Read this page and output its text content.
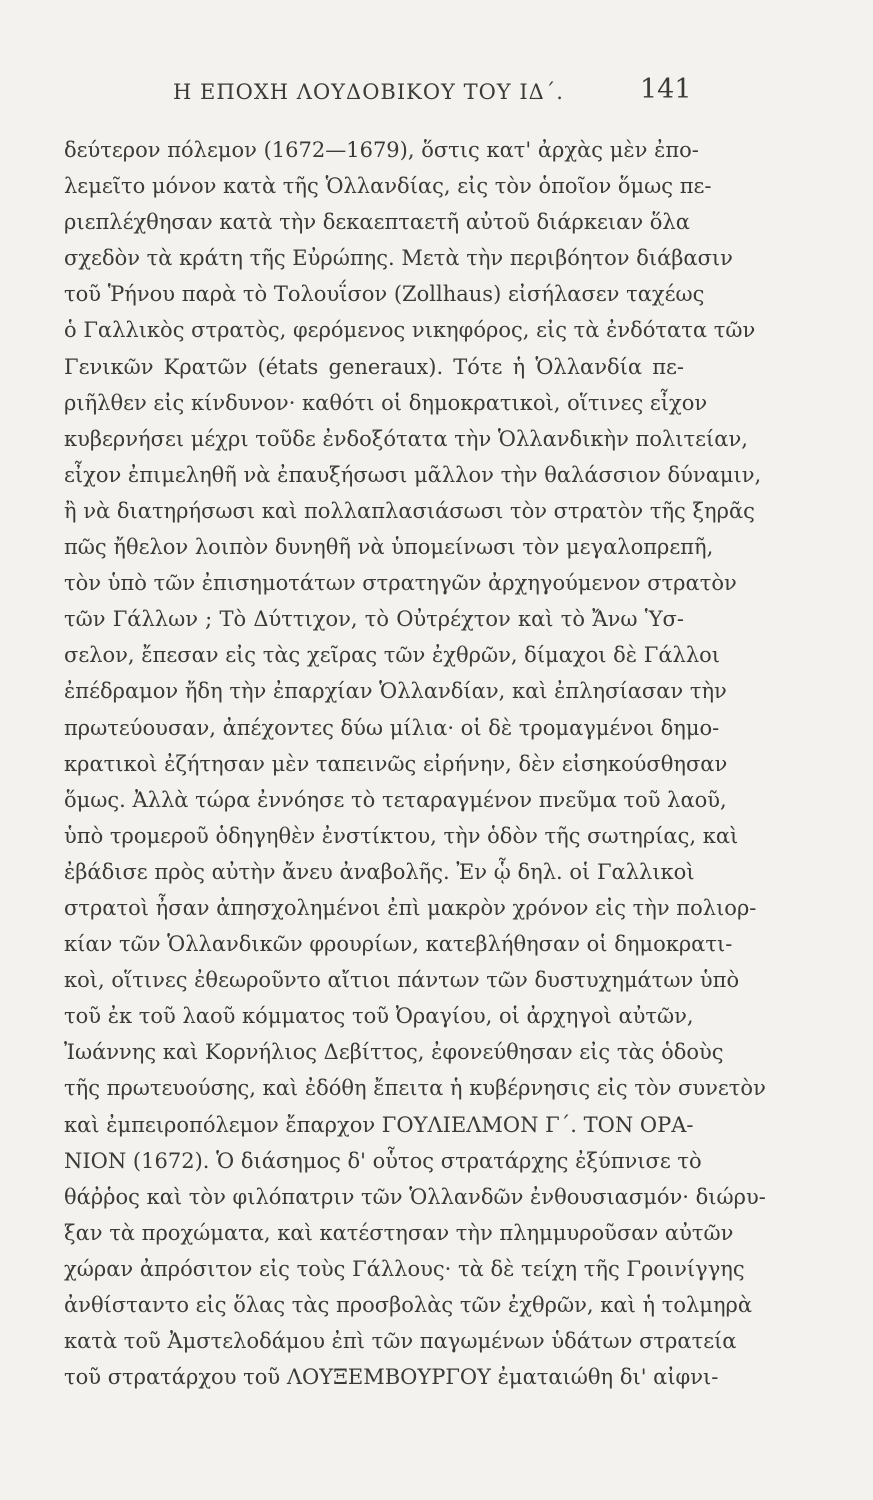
Η ΕΠΟΧΗ ΛΟΥΔΟΒΙΚΟΥ ΤΟΥ ΙΔ΄.	141
δεύτερον πόλεμον (1672—1679), ὅστις κατ' ἀρχὰς μὲν ἐπο-
λεμεῖτο μόνον κατὰ τῆς Ὁλλανδίας, εἰς τὸν ὁποῖον ὅμως πε-
ριεπλέχθησαν κατὰ τὴν δεκαεπταετῆ αὐτοῦ διάρκειαν ὅλα
σχεδὸν τὰ κράτη τῆς Εὐρώπης. Μετὰ τὴν περιβόητον διάβασιν
τοῦ Ῥήνου παρὰ τὸ Τολουΐσον (Zollhaus) εἰσήλασεν ταχέως
ὁ Γαλλικὸς στρατὸς, φερόμενος νικηφόρος, εἰς τὰ ἐνδότατα τῶν
Γενικῶν Κρατῶν (états generaux). Τότε ἡ Ὁλλανδία πε-
ριῆλθεν εἰς κίνδυνον· καθότι οἱ δημοκρατικοὶ, οἵτινες εἶχον
κυβερνήσει μέχρι τοῦδε ἐνδοξότατα τὴν Ὁλλανδικὴν πολιτείαν,
εἶχον ἐπιμεληθῆ νὰ ἐπαυξήσωσι μᾶλλον τὴν θαλάσσιον δύναμιν,
ἢ νὰ διατηρήσωσι καὶ πολλαπλασιάσωσι τὸν στρατὸν τῆς ξηρᾶς
πῶς ἤθελον λοιπὸν δυνηθῆ νὰ ὑπομείνωσι τὸν μεγαλοπρεπῆ,
τὸν ὑπὸ τῶν ἐπισημοτάτων στρατηγῶν ἀρχηγούμενον στρατὸν
τῶν Γάλλων ; Τὸ Δύττιχον, τὸ Οὐτρέχτον καὶ τὸ Ἄνω Ὑσ-
σελον, ἔπεσαν εἰς τὰς χεῖρας τῶν ἐχθρῶν, δίμαχοι δὲ Γάλλοι
ἐπέδραμον ἤδη τὴν ἐπαρχίαν Ὁλλανδίαν, καὶ ἐπλησίασαν τὴν
πρωτεύουσαν, ἀπέχοντες δύω μίλια· οἱ δὲ τρομαγμένοι δημο-
κρατικοὶ ἐζήτησαν μὲν ταπεινῶς εἰρήνην, δὲν εἰσηκούσθησαν
ὅμως. Ἀλλὰ τώρα ἐννόησε τὸ τεταραγμένον πνεῦμα τοῦ λαοῦ,
ὑπὸ τρομεροῦ ὁδηγηθὲν ἐνστίκτου, τὴν ὁδὸν τῆς σωτηρίας, καὶ
ἐβάδισε πρὸς αὐτὴν ἄνευ ἀναβολῆς. Ἐν ᾧ δηλ. οἱ Γαλλικοὶ
στρατοὶ ἦσαν ἀπησχολημένοι ἐπὶ μακρὸν χρόνον εἰς τὴν πολιορ-
κίαν τῶν Ὁλλανδικῶν φρουρίων, κατεβλήθησαν οἱ δημοκρατι-
κοὶ, οἵτινες ἐθεωροῦντο αἴτιοι πάντων τῶν δυστυχημάτων ὑπὸ
τοῦ ἐκ τοῦ λαοῦ κόμματος τοῦ Ὀραγίου, οἱ ἀρχηγοὶ αὐτῶν,
Ἰωάννης καὶ Κορνήλιος Δεβίττος, ἐφονεύθησαν εἰς τὰς ὁδοὺς
τῆς πρωτευούσης, καὶ ἐδόθη ἔπειτα ἡ κυβέρνησις εἰς τὸν συνετὸν
καὶ ἐμπειροπόλεμον ἔπαρχον ΓΟΥΛΙΕΛΜΟΝ Γ΄. ΤΟΝ ΟΡΑ-
ΝΙΟΝ (1672). Ὁ διάσημος δ' οὗτος στρατάρχης ἐξύπνισε τὸ
θάῤῥος καὶ τὸν φιλόπατριν τῶν Ὁλλανδῶν ἐνθουσιασμόν· διώρυ-
ξαν τὰ προχώματα, καὶ κατέστησαν τὴν πλημμυροῦσαν αὐτῶν
χώραν ἀπρόσιτον εἰς τοὺς Γάλλους· τὰ δὲ τείχη τῆς Γροινίγγης
ἀνθίσταντο εἰς ὅλας τὰς προσβολὰς τῶν ἐχθρῶν, καὶ ἡ τολμηρὰ
κατὰ τοῦ Ἀμστελοδάμου ἐπὶ τῶν παγωμένων ὑδάτων στρατεία
τοῦ στρατάρχου τοῦ ΛΟΥΞΕΜΒΟΥΡΓΟΥ ἐματαιώθη δι' αἰφνι-
